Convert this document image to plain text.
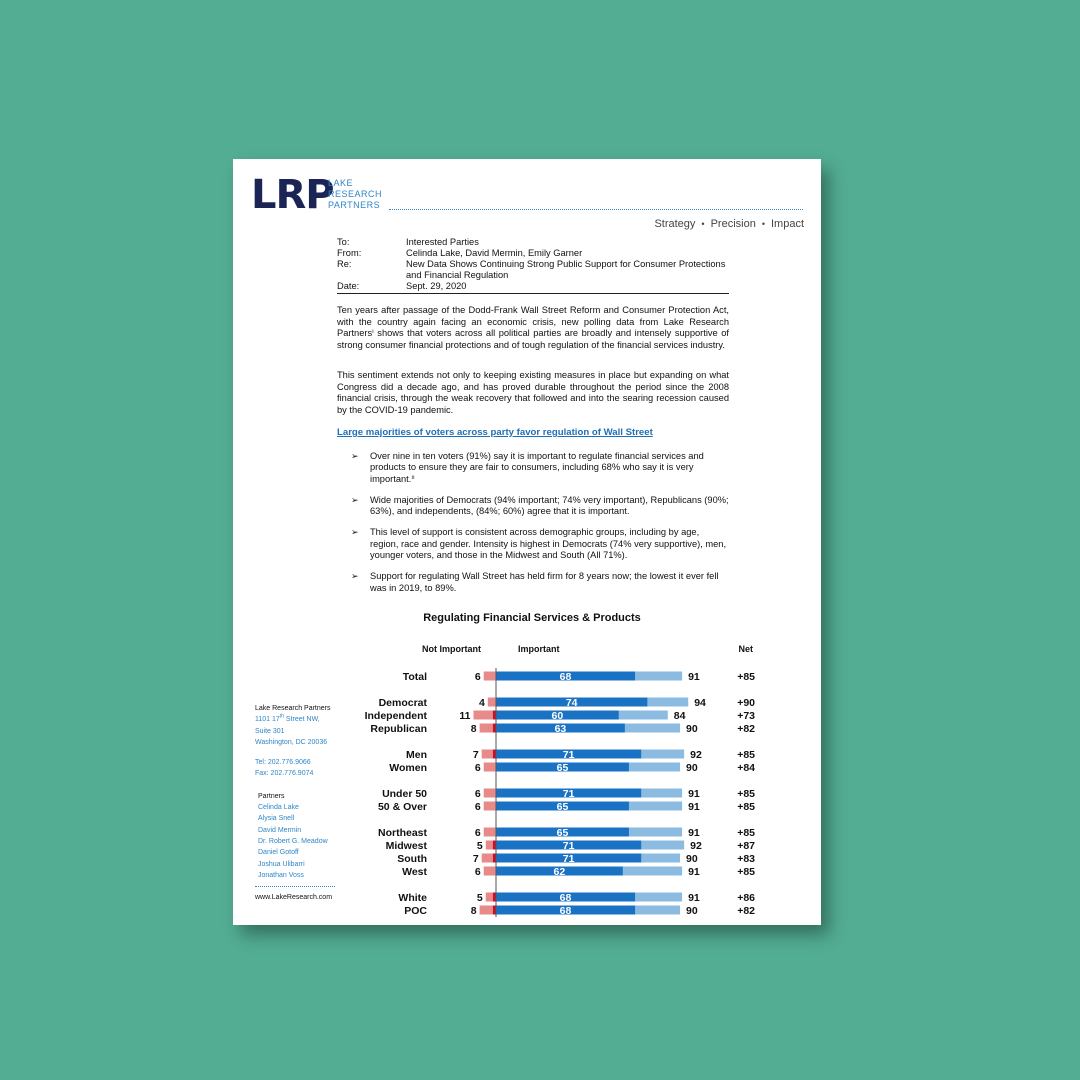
LRP
LAKE
RESEARCH
PARTNERS
Strategy • Precision • Impact
To:	Interested Parties
From:	Celinda Lake, David Mermin, Emily Garner
Re:	New Data Shows Continuing Strong Public Support for Consumer Protections and Financial Regulation
Date:	Sept. 29, 2020
Ten years after passage of the Dodd-Frank Wall Street Reform and Consumer Protection Act, with the country again facing an economic crisis, new polling data from Lake Research Partnersⁱ shows that voters across all political parties are broadly and intensely supportive of strong consumer financial protections and of tough regulation of the financial services industry.
This sentiment extends not only to keeping existing measures in place but expanding on what Congress did a decade ago, and has proved durable throughout the period since the 2008 financial crisis, through the weak recovery that followed and into the searing recession caused by the COVID-19 pandemic.
Large majorities of voters across party favor regulation of Wall Street
➢	Over nine in ten voters (91%) say it is important to regulate financial services and products to ensure they are fair to consumers, including 68% who say it is very important.ⁱⁱ
➢	Wide majorities of Democrats (94% important; 74% very important), Republicans (90%; 63%), and independents, (84%; 60%) agree that it is important.
➢	This level of support is consistent across demographic groups, including by age, region, race and gender. Intensity is highest in Democrats (74% very supportive), men, younger voters, and those in the Midwest and South (All 71%).
➢	Support for regulating Wall Street has held firm for 8 years now; the lowest it ever fell was in 2019, to 89%.
Regulating Financial Services & Products
Not Important	Important	Net
Total	6	68	91	+85
Democrat	4	74	94	+90
Independent	11	60	84	+73
Republican	8	63	90	+82
Men	7	71	92	+85
Women	6	65	90	+84
Under 50	6	71	91	+85
50 & Over	6	65	91	+85
Northeast	6	65	91	+85
Midwest	5	71	92	+87
South	7	71	90	+83
West	6	62	91	+85
White	5	68	91	+86
POC	8	68	90	+82
Lake Research Partners
1101 17th Street NW,
Suite 301
Washington, DC 20036
Tel: 202.776.9066
Fax: 202.776.9074
Partners
Celinda Lake
Alysia Snell
David Mermin
Dr. Robert G. Meadow
Daniel Gotoff
Joshua Ulibarri
Jonathan Voss
www.LakeResearch.com
